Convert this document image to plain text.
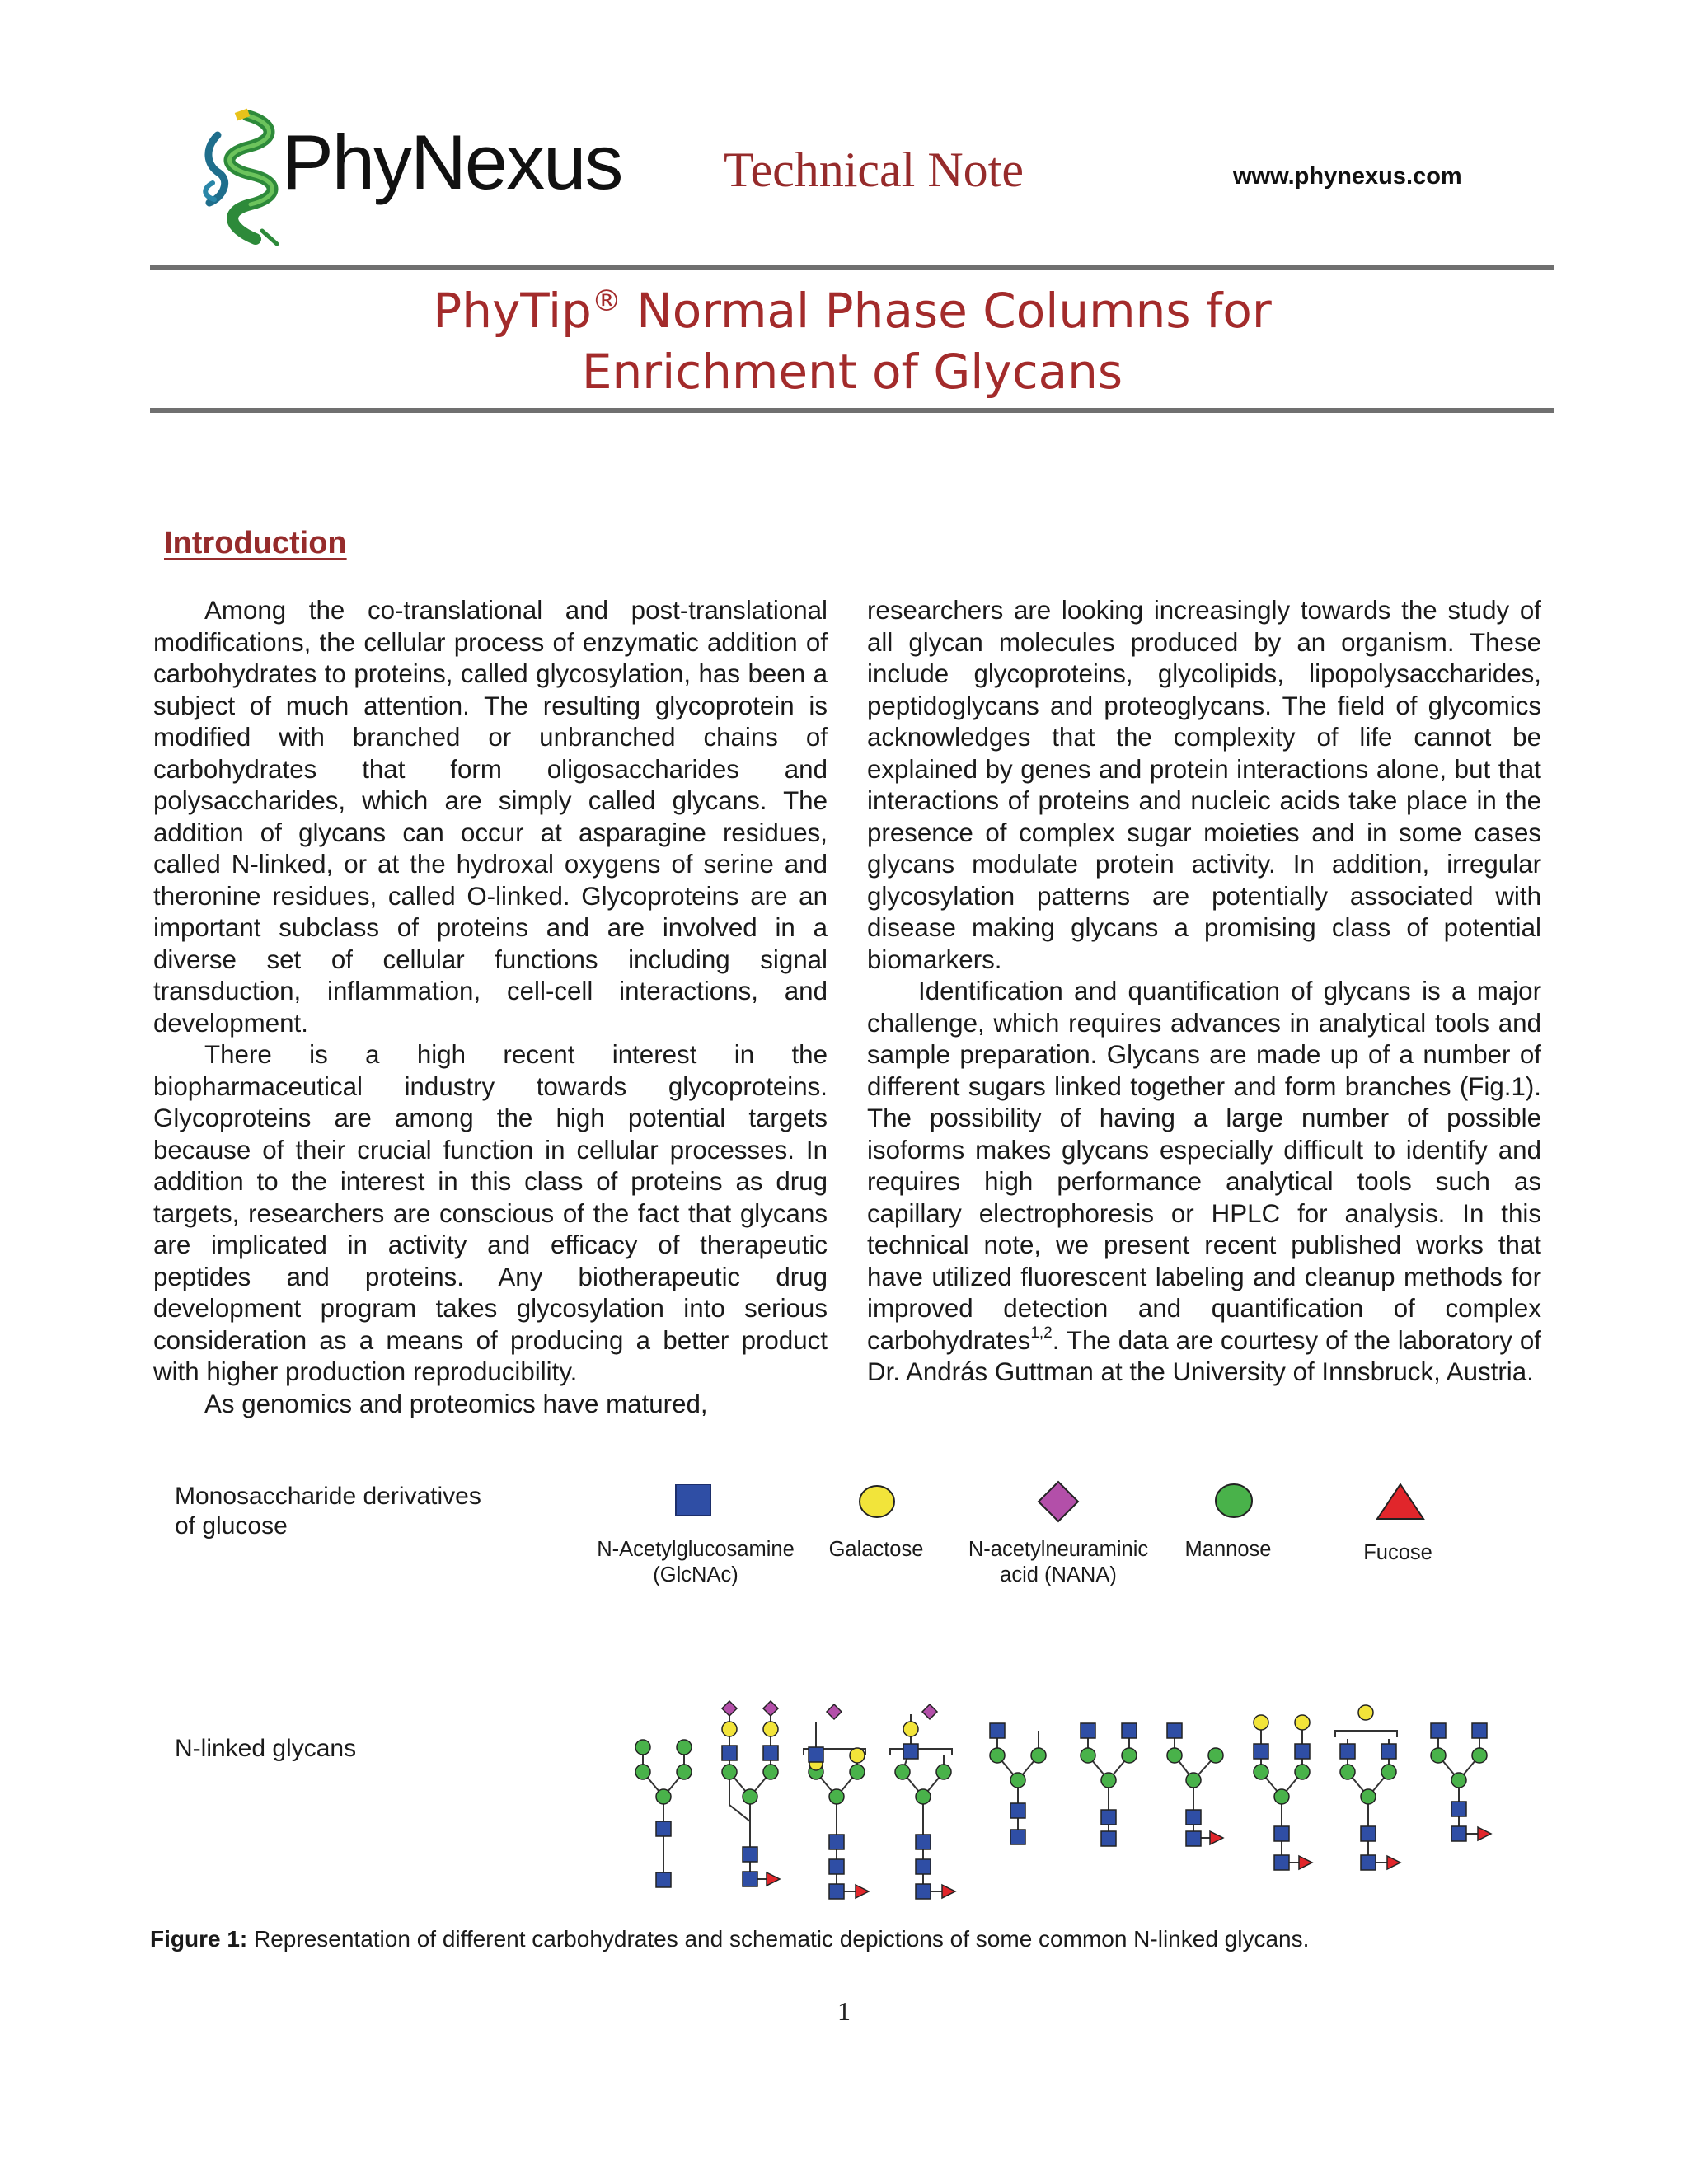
PhyNexus Technical Note	www.phynexus.com
PhyTip® Normal Phase Columns for
Enrichment of Glycans
Introduction

Among the co-translational and post-translational modifications, the cellular process of enzymatic addition of carbohydrates to proteins, called glycosylation, has been a subject of much attention. The resulting glycoprotein is modified with branched or unbranched chains of carbohydrates that form oligosaccharides and polysaccharides, which are simply called glycans. The addition of glycans can occur at asparagine residues, called N-linked, or at the hydroxal oxygens of serine and theronine residues, called O-linked. Glycoproteins are an important subclass of proteins and are involved in a diverse set of cellular functions including signal transduction, inflammation, cell-cell interactions, and development.

There is a high recent interest in the biopharmaceutical industry towards glycoproteins. Glycoproteins are among the high potential targets because of their crucial function in cellular processes. In addition to the interest in this class of proteins as drug targets, researchers are conscious of the fact that glycans are implicated in activity and efficacy of therapeutic peptides and proteins. Any biotherapeutic drug development program takes glycosylation into serious consideration as a means of producing a better product with higher production reproducibility.

As genomics and proteomics have matured,

researchers are looking increasingly towards the study of all glycan molecules produced by an organism. These include glycoproteins, glycolipids, lipopolysaccharides, peptidoglycans and proteoglycans. The field of glycomics acknowledges that the complexity of life cannot be explained by genes and protein interactions alone, but that interactions of proteins and nucleic acids take place in the presence of complex sugar moieties and in some cases glycans modulate protein activity. In addition, irregular glycosylation patterns are potentially associated with disease making glycans a promising class of potential biomarkers.

Identification and quantification of glycans is a major challenge, which requires advances in analytical tools and sample preparation. Glycans are made up of a number of different sugars linked together and form branches (Fig.1). The possibility of having a large number of possible isoforms makes glycans especially difficult to identify and requires high performance analytical tools such as capillary electrophoresis or HPLC for analysis. In this technical note, we present recent published works that have utilized fluorescent labeling and cleanup methods for improved detection and quantification of complex carbohydrates$^{1,2}$. The data are courtesy of the laboratory of Dr. András Guttman at the University of Innsbruck, Austria.

Monosaccharide derivatives
of glucose
N-Acetylglucosamine
(GlcNAc)
Galactose	N-acetylneuraminic
acid (NANA)
Mannose	Fucose
N-linked glycans
Figure 1: Representation of different carbohydrates and schematic depictions of some common N-linked glycans.
1
